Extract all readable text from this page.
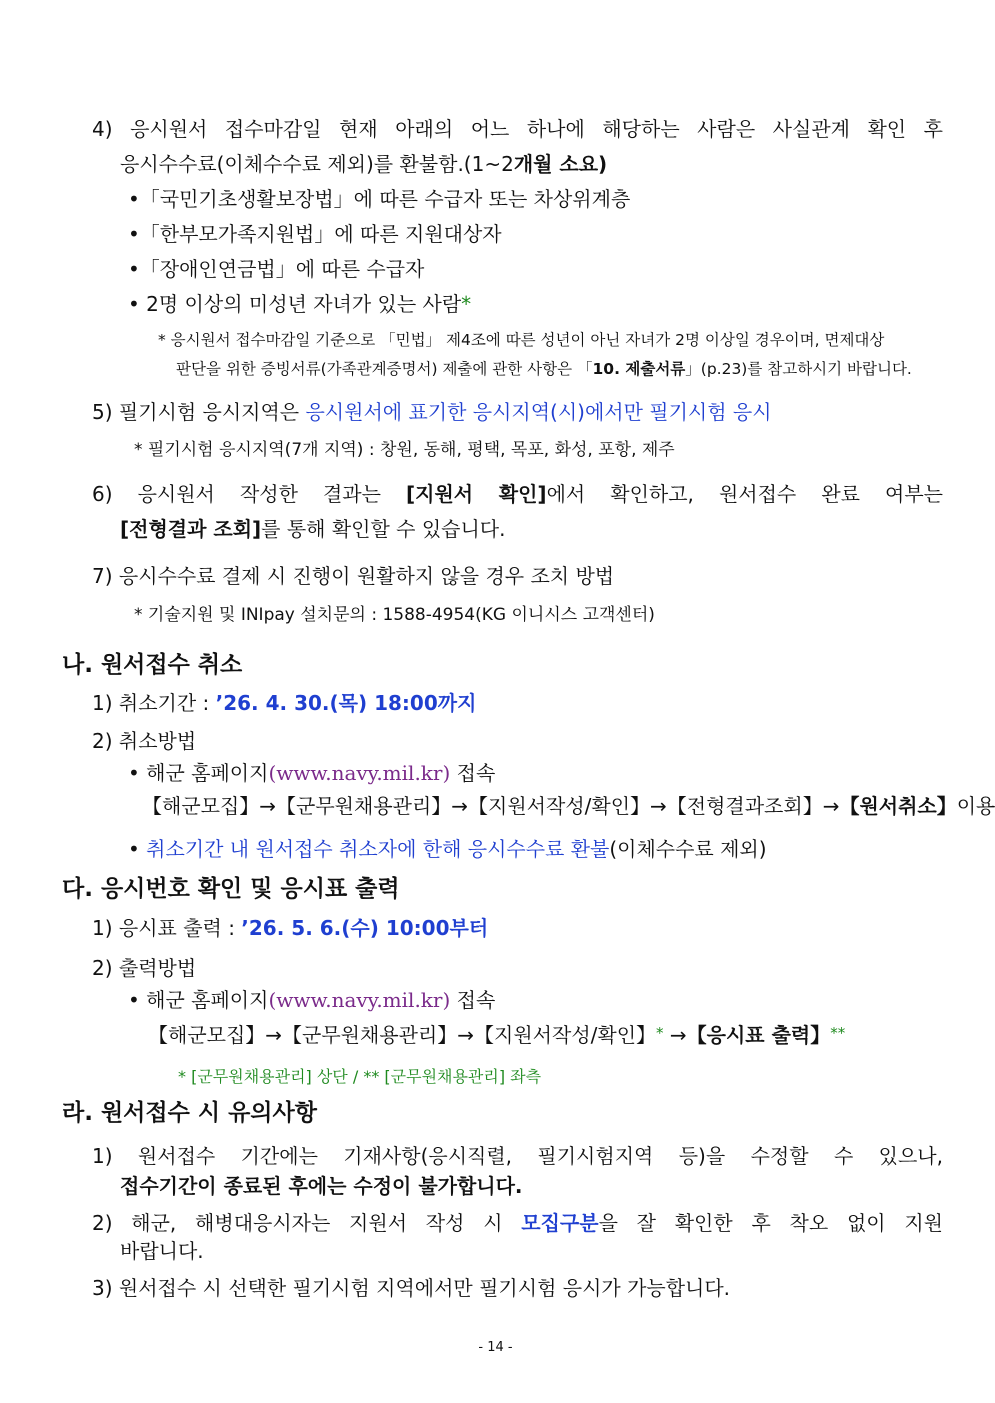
4) 응시원서 접수마감일 현재 아래의 어느 하나에 해당하는 사람은 사실관계 확인 후
응시수수료(이체수수료 제외)를 환불함.(1~2개월 소요)
•「국민기초생활보장법」에 따른 수급자 또는 차상위계층
•「한부모가족지원법」에 따른 지원대상자
•「장애인연금법」에 따른 수급자
• 2명 이상의 미성년 자녀가 있는 사람*
* 응시원서 접수마감일 기준으로 「민법」 제4조에 따른 성년이 아닌 자녀가 2명 이상일 경우이며, 면제대상
판단을 위한 증빙서류(가족관계증명서) 제출에 관한 사항은 「10. 제출서류」(p.23)를 참고하시기 바랍니다.
5) 필기시험 응시지역은 응시원서에 표기한 응시지역(시)에서만 필기시험 응시
* 필기시험 응시지역(7개 지역) : 창원, 동해, 평택, 목포, 화성, 포항, 제주
6) 응시원서 작성한 결과는 [지원서 확인]에서 확인하고, 원서접수 완료 여부는
[전형결과 조회]를 통해 확인할 수 있습니다.
7) 응시수수료 결제 시 진행이 원활하지 않을 경우 조치 방법
* 기술지원 및 INIpay 설치문의 : 1588-4954(KG 이니시스 고객센터)
나. 원서접수 취소
1) 취소기간 : ’26. 4. 30.(목) 18:00까지
2) 취소방법
• 해군 홈페이지(www.navy.mil.kr) 접속
【해군모집】→【군무원채용관리】→【지원서작성/확인】→【전형결과조회】→【원서취소】이용
• 취소기간 내 원서접수 취소자에 한해 응시수수료 환불(이체수수료 제외)
다. 응시번호 확인 및 응시표 출력
1) 응시표 출력 : ’26. 5. 6.(수) 10:00부터
2) 출력방법
• 해군 홈페이지(www.navy.mil.kr) 접속
【해군모집】→【군무원채용관리】→【지원서작성/확인】* →【응시표 출력】**
* [군무원채용관리] 상단 / ** [군무원채용관리] 좌측
라. 원서접수 시 유의사항
1) 원서접수 기간에는 기재사항(응시직렬, 필기시험지역 등)을 수정할 수 있으나,
접수기간이 종료된 후에는 수정이 불가합니다.
2) 해군, 해병대응시자는 지원서 작성 시 모집구분을 잘 확인한 후 착오 없이 지원
바랍니다.
3) 원서접수 시 선택한 필기시험 지역에서만 필기시험 응시가 가능합니다.
- 14 -
